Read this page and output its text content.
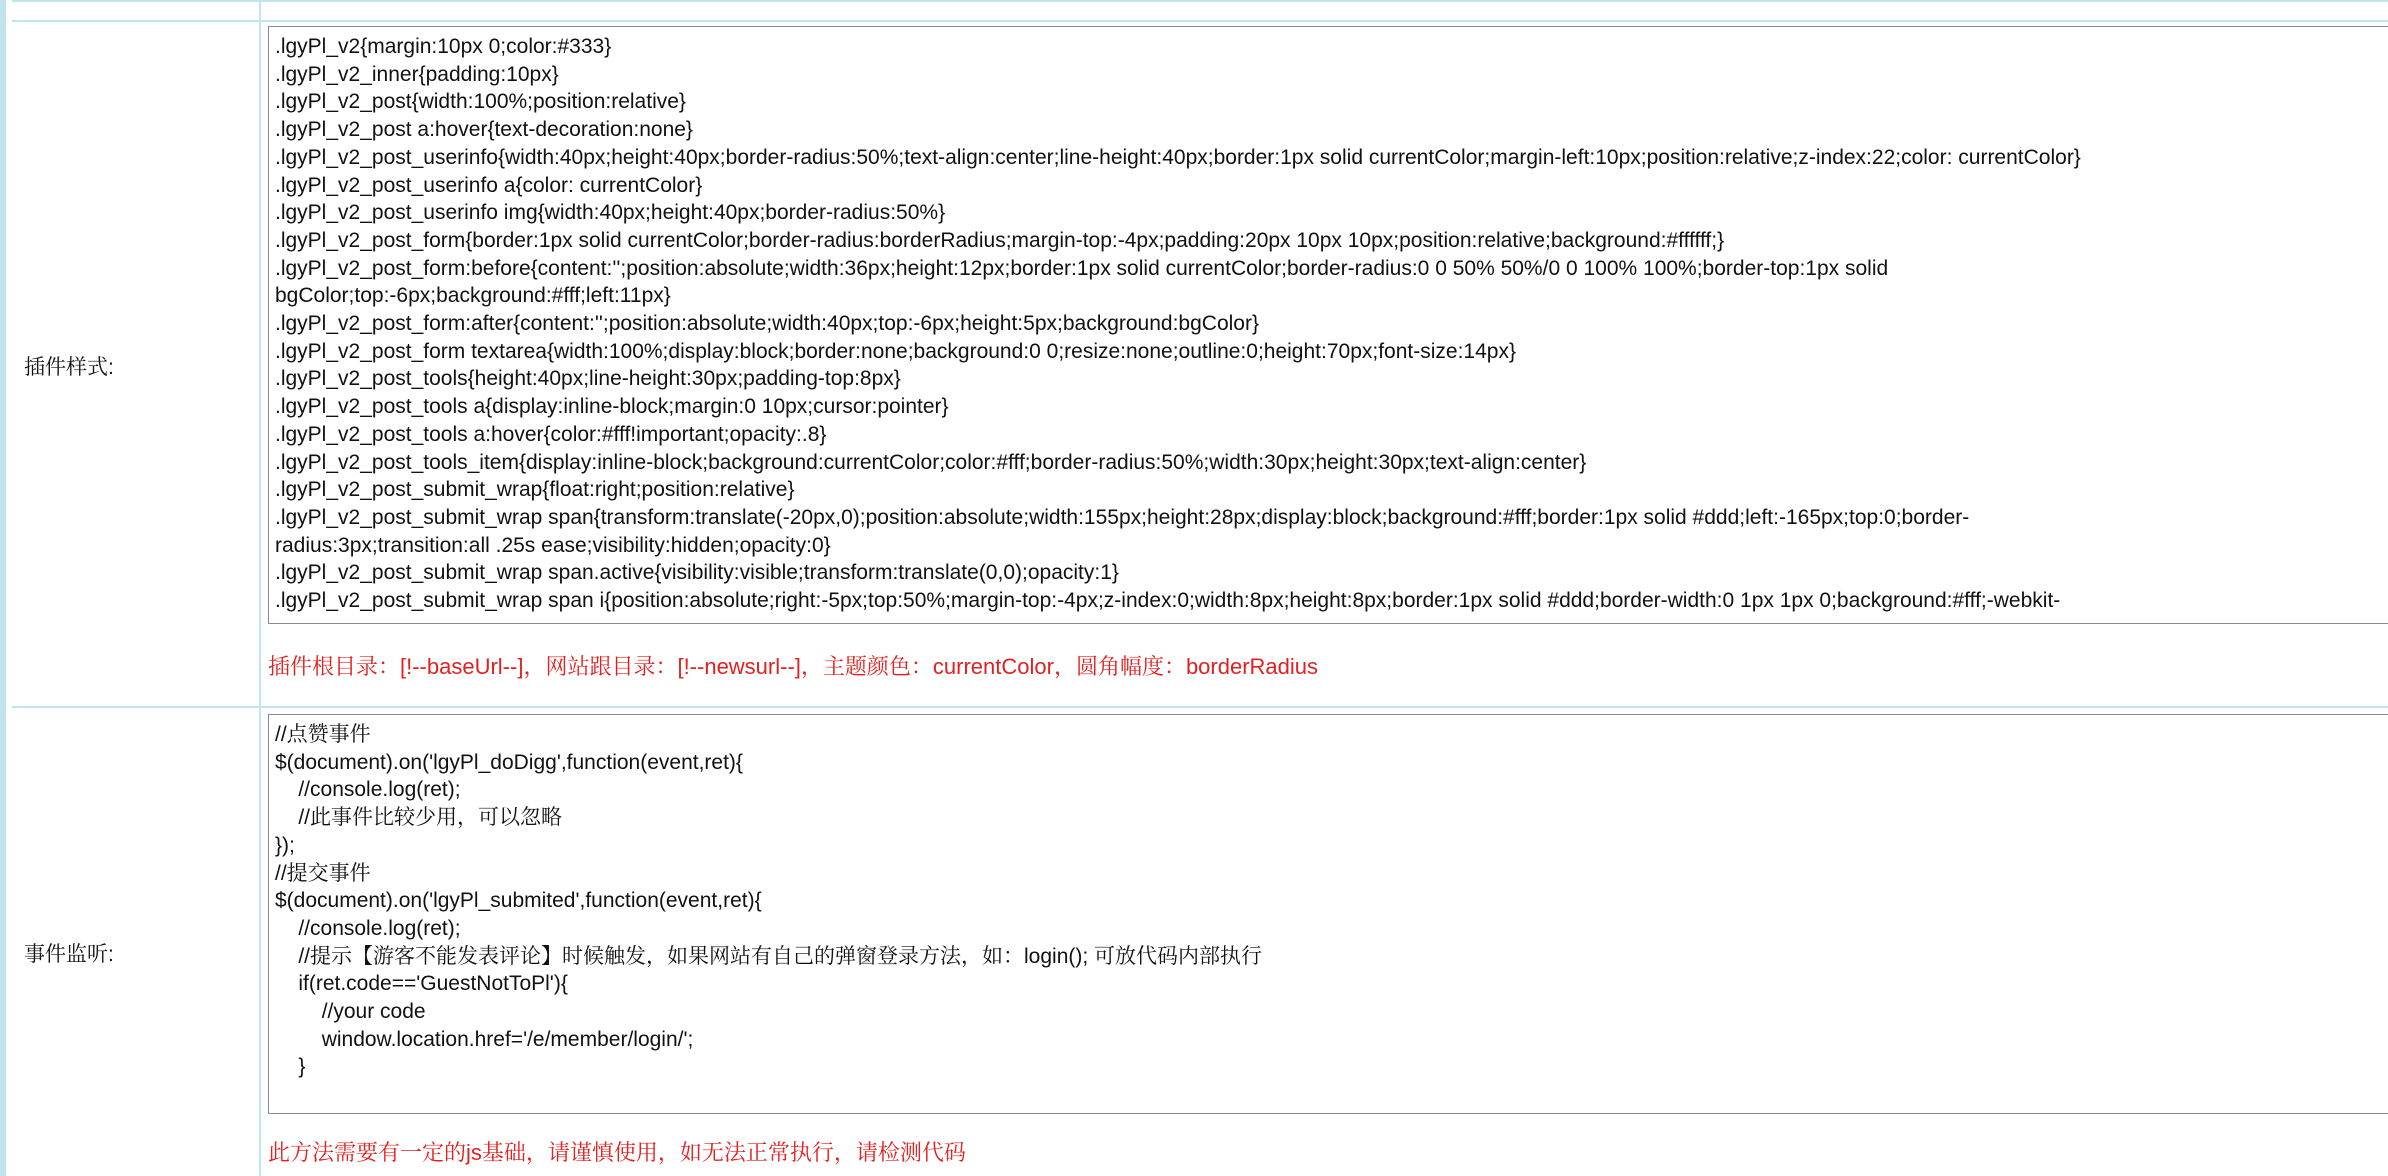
插件样式:
.lgyPl_v2{margin:10px 0;color:#333}
.lgyPl_v2_inner{padding:10px}
.lgyPl_v2_post{width:100%;position:relative}
.lgyPl_v2_post a:hover{text-decoration:none}
.lgyPl_v2_post_userinfo{width:40px;height:40px;border-radius:50%;text-align:center;line-height:40px;border:1px solid currentColor;margin-left:10px;position:relative;z-index:22;color: currentColor}
.lgyPl_v2_post_userinfo a{color: currentColor}
.lgyPl_v2_post_userinfo img{width:40px;height:40px;border-radius:50%}
.lgyPl_v2_post_form{border:1px solid currentColor;border-radius:borderRadius;margin-top:-4px;padding:20px 10px 10px;position:relative;background:#ffffff;}
.lgyPl_v2_post_form:before{content:'';position:absolute;width:36px;height:12px;border:1px solid currentColor;border-radius:0 0 50% 50%/0 0 100% 100%;border-top:1px solid
bgColor;top:-6px;background:#fff;left:11px}
.lgyPl_v2_post_form:after{content:'';position:absolute;width:40px;top:-6px;height:5px;background:bgColor}
.lgyPl_v2_post_form textarea{width:100%;display:block;border:none;background:0 0;resize:none;outline:0;height:70px;font-size:14px}
.lgyPl_v2_post_tools{height:40px;line-height:30px;padding-top:8px}
.lgyPl_v2_post_tools a{display:inline-block;margin:0 10px;cursor:pointer}
.lgyPl_v2_post_tools a:hover{color:#fff!important;opacity:.8}
.lgyPl_v2_post_tools_item{display:inline-block;background:currentColor;color:#fff;border-radius:50%;width:30px;height:30px;text-align:center}
.lgyPl_v2_post_submit_wrap{float:right;position:relative}
.lgyPl_v2_post_submit_wrap span{transform:translate(-20px,0);position:absolute;width:155px;height:28px;display:block;background:#fff;border:1px solid #ddd;left:-165px;top:0;border-
radius:3px;transition:all .25s ease;visibility:hidden;opacity:0}
.lgyPl_v2_post_submit_wrap span.active{visibility:visible;transform:translate(0,0);opacity:1}
.lgyPl_v2_post_submit_wrap span i{position:absolute;right:-5px;top:50%;margin-top:-4px;z-index:0;width:8px;height:8px;border:1px solid #ddd;border-width:0 1px 1px 0;background:#fff;-webkit-
插件根目录：[!--baseUrl--]，网站跟目录：[!--newsurl--]，主题颜色：currentColor，圆角幅度：borderRadius
事件监听:
//点赞事件
$(document).on('lgyPl_doDigg',function(event,ret){
//console.log(ret);
//此事件比较少用，可以忽略
});
//提交事件
$(document).on('lgyPl_submited',function(event,ret){
//console.log(ret);
//提示【游客不能发表评论】时候触发，如果网站有自己的弹窗登录方法，如：login(); 可放代码内部执行
if(ret.code=='GuestNotToPl'){
//your code
window.location.href='/e/member/login/';
}
此方法需要有一定的js基础，请谨慎使用，如无法正常执行，请检测代码
